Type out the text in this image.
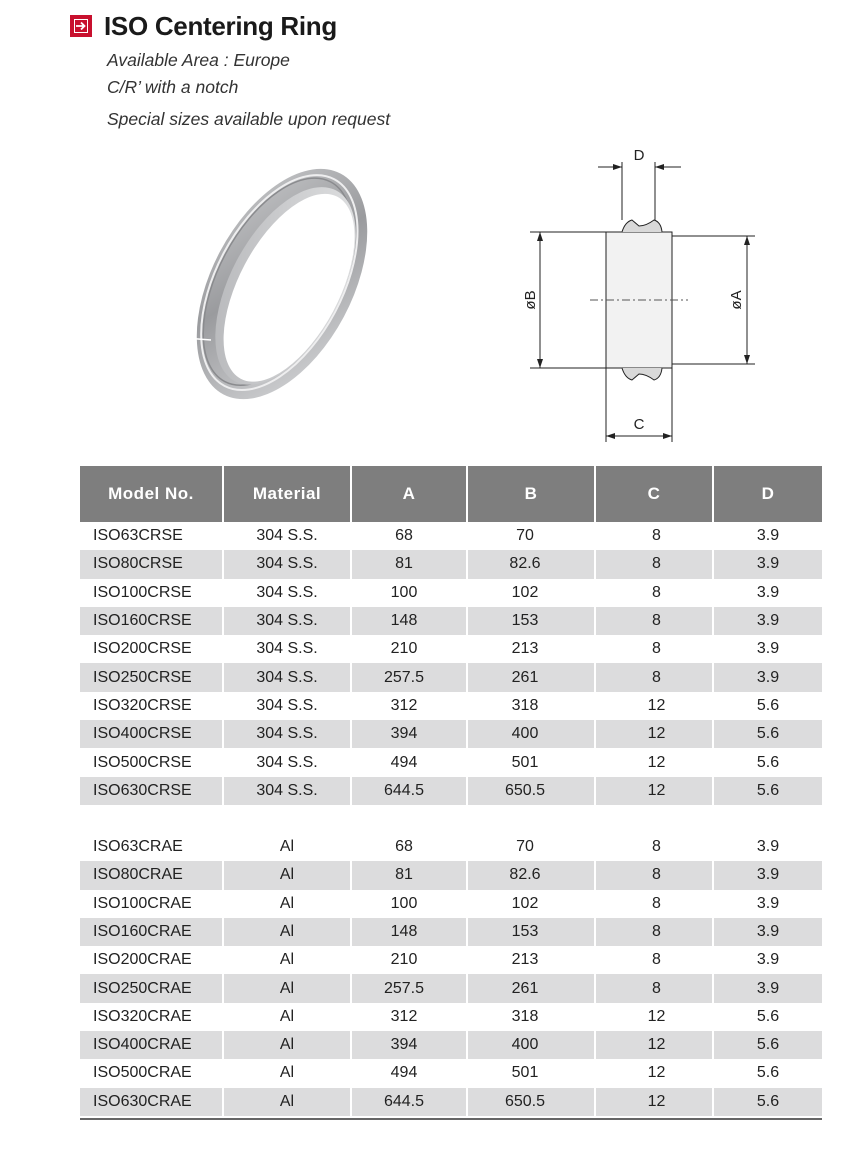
ISO Centering Ring
Available Area : Europe
C/R’ with a notch
Special sizes available upon request
D
C
øB	øA
Model No.	Material	A	B	C	D
ISO63CRSE	304 S.S.	68	70	8	3.9
ISO80CRSE	304 S.S.	81	82.6	8	3.9
ISO100CRSE	304 S.S.	100	102	8	3.9
ISO160CRSE	304 S.S.	148	153	8	3.9
ISO200CRSE	304 S.S.	210	213	8	3.9
ISO250CRSE	304 S.S.	257.5	261	8	3.9
ISO320CRSE	304 S.S.	312	318	12	5.6
ISO400CRSE	304 S.S.	394	400	12	5.6
ISO500CRSE	304 S.S.	494	501	12	5.6
ISO630CRSE	304 S.S.	644.5	650.5	12	5.6

ISO63CRAE	Al	68	70	8	3.9
ISO80CRAE	Al	81	82.6	8	3.9
ISO100CRAE	Al	100	102	8	3.9
ISO160CRAE	Al	148	153	8	3.9
ISO200CRAE	Al	210	213	8	3.9
ISO250CRAE	Al	257.5	261	8	3.9
ISO320CRAE	Al	312	318	12	5.6
ISO400CRAE	Al	394	400	12	5.6
ISO500CRAE	Al	494	501	12	5.6
ISO630CRAE	Al	644.5	650.5	12	5.6
